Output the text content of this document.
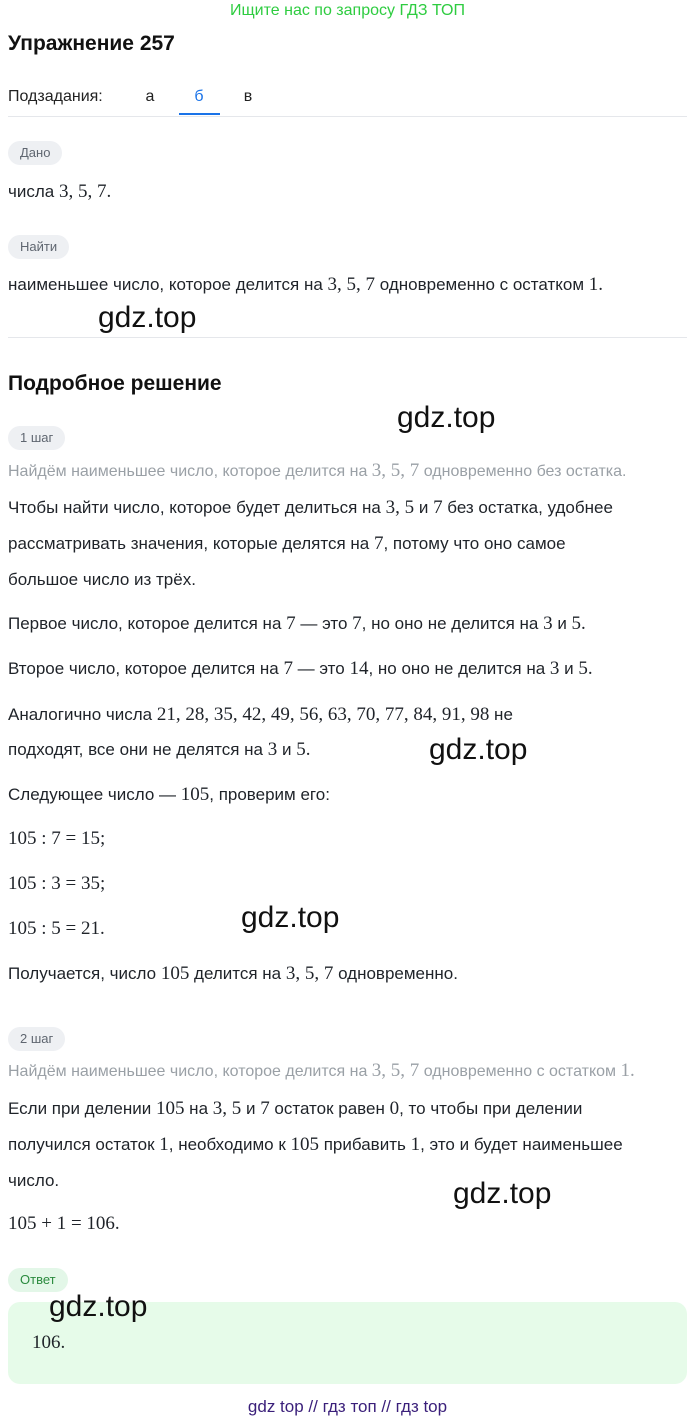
Ищите нас по запросу ГДЗ ТОП
Упражнение 257
Подзадания:	а	б	в
Дано
числа 3, 5, 7.
Найти
наименьшее число, которое делится на 3, 5, 7 одновременно с остатком 1.
Подробное решение
1 шаг
Найдём наименьшее число, которое делится на 3, 5, 7 одновременно без остатка.
Чтобы найти число, которое будет делиться на 3, 5 и 7 без остатка, удобнее
рассматривать значения, которые делятся на 7, потому что оно самое
большое число из трёх.
Первое число, которое делится на 7 — это 7, но оно не делится на 3 и 5.
Второе число, которое делится на 7 — это 14, но оно не делится на 3 и 5.
Аналогично числа 21, 28, 35, 42, 49, 56, 63, 70, 77, 84, 91, 98 не
подходят, все они не делятся на 3 и 5.
Следующее число — 105, проверим его:
105 : 7 = 15;
105 : 3 = 35;
105 : 5 = 21.
Получается, число 105 делится на 3, 5, 7 одновременно.
2 шаг
Найдём наименьшее число, которое делится на 3, 5, 7 одновременно с остатком 1.
Если при делении 105 на 3, 5 и 7 остаток равен 0, то чтобы при делении
получился остаток 1, необходимо к 105 прибавить 1, это и будет наименьшее
число.
105 + 1 = 106.
Ответ
106.
gdz.top
gdz.top
gdz.top
gdz.top
gdz.top
gdz.top
gdz top // гдз топ // гдз top
